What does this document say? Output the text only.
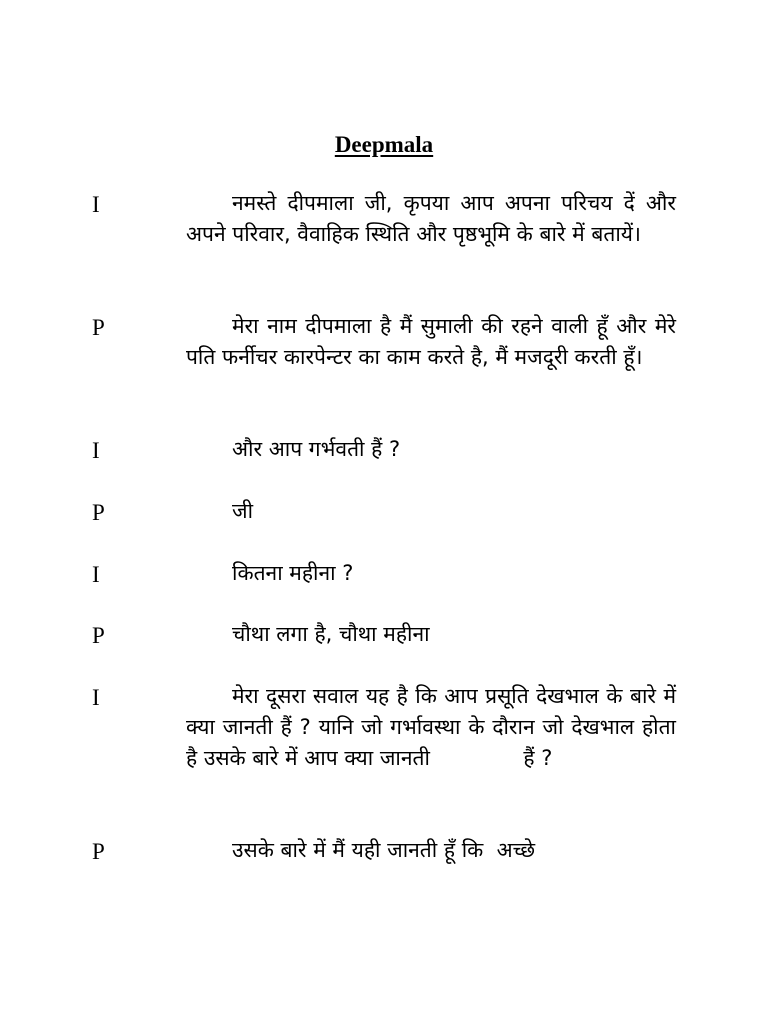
Deepmala
I	नमस्ते दीपमाला जी, कृपया आप अपना परिचय दें और अपने परिवार, वैवाहिक स्थिति और पृष्ठभूमि के बारे में बतायें।
P	मेरा नाम दीपमाला है मैं सुमाली की रहने वाली हूँ और मेरे पति फर्नीचर कारपेन्टर का काम करते है, मैं मजदूरी करती हूँ।
I	और आप गर्भवती हैं ?
P	जी
I	कितना महीना ?
P	चौथा लगा है, चौथा महीना
I	मेरा दूसरा सवाल यह है कि आप प्रसूति देखभाल के बारे में क्या जानती हैं ? यानि जो गर्भावस्था के दौरान जो देखभाल होता है उसके बारे में आप क्या जानती              हैं ?
P	उसके बारे में मैं यही जानती हूँ कि  अच्छे
